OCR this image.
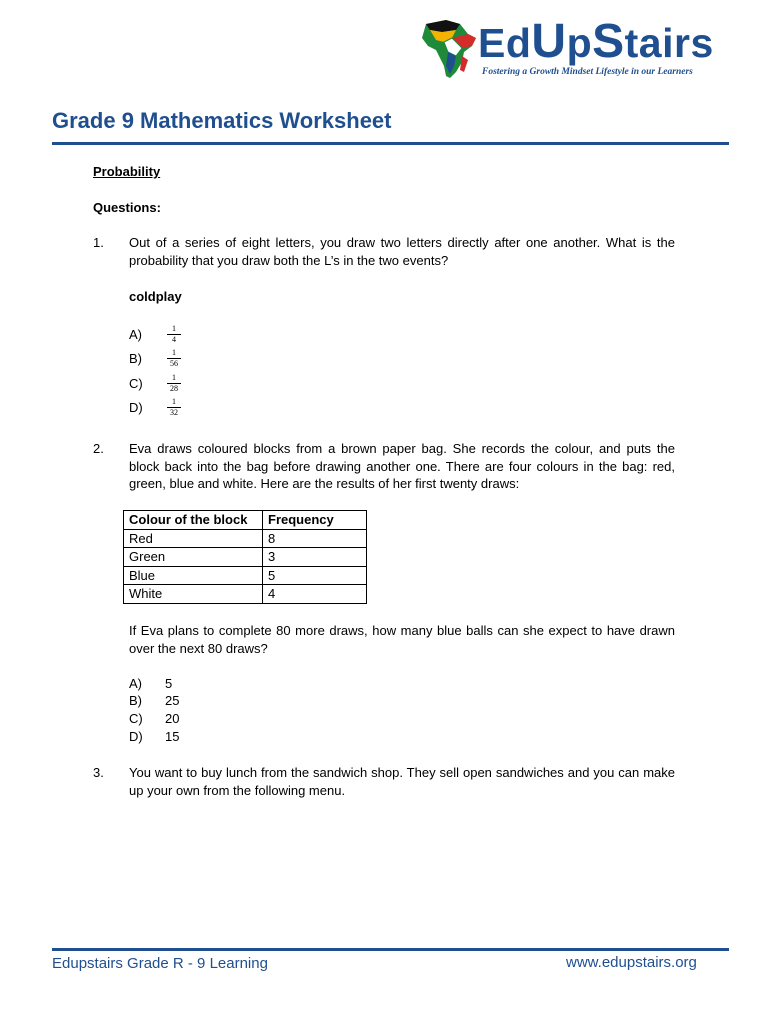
EdUpStairs
Fostering a Growth Mindset Lifestyle in our Learners
Grade 9 Mathematics Worksheet
Probability
Questions:
1. Out of a series of eight letters, you draw two letters directly after one another. What is the probability that you draw both the L’s in the two events?
coldplay
A)	1
4
B)	1
56
C)	1
28
D)	1
32
2. Eva draws coloured blocks from a brown paper bag. She records the colour, and puts the block back into the bag before drawing another one. There are four colours in the bag: red, green, blue and white. Here are the results of her first twenty draws:
Colour of the block	Frequency
Red	8
Green	3
Blue	5
White	4
If Eva plans to complete 80 more draws, how many blue balls can she expect to have drawn over the next 80 draws?
A) 5
B) 25
C) 20
D) 15
3. You want to buy lunch from the sandwich shop. They sell open sandwiches and you can make up your own from the following menu.
Edupstairs Grade R - 9 Learning	www.edupstairs.org
